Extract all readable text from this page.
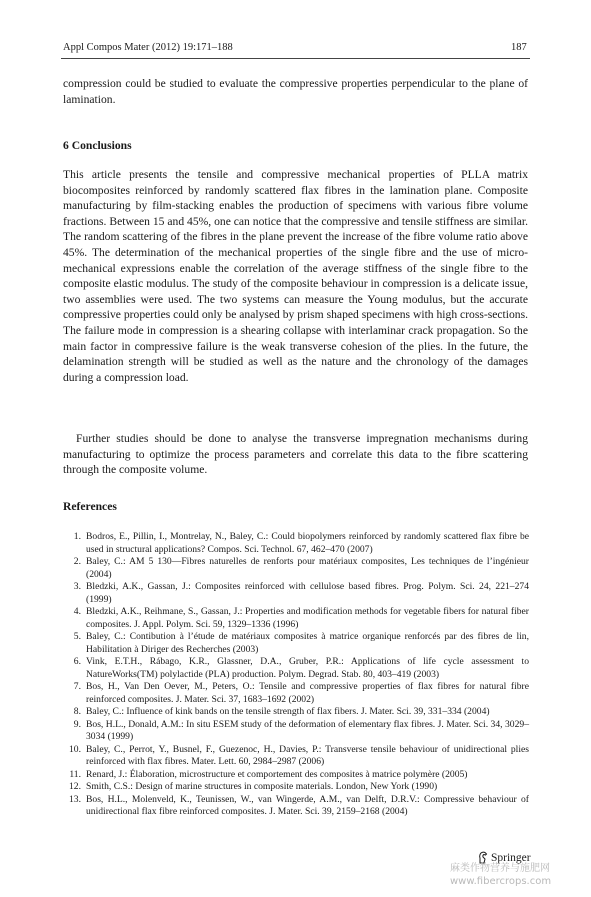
Appl Compos Mater (2012) 19:171–188	187

compression could be studied to evaluate the compressive properties perpendicular to the plane of lamination.

6 Conclusions

This article presents the tensile and compressive mechanical properties of PLLA matrix biocomposites reinforced by randomly scattered flax fibres in the lamination plane. Composite manufacturing by film-stacking enables the production of specimens with various fibre volume fractions. Between 15 and 45%, one can notice that the compressive and tensile stiffness are similar. The random scattering of the fibres in the plane prevent the increase of the fibre volume ratio above 45%. The determination of the mechanical properties of the single fibre and the use of micro-mechanical expressions enable the correlation of the average stiffness of the single fibre to the composite elastic modulus. The study of the composite behaviour in compression is a delicate issue, two assemblies were used. The two systems can measure the Young modulus, but the accurate compressive properties could only be analysed by prism shaped specimens with high cross-sections. The failure mode in compression is a shearing collapse with interlaminar crack propagation. So the main factor in compressive failure is the weak transverse cohesion of the plies. In the future, the delamination strength will be studied as well as the nature and the chronology of the damages during a compression load.

Further studies should be done to analyse the transverse impregnation mechanisms during manufacturing to optimize the process parameters and correlate this data to the fibre scattering through the composite volume.

References
1. Bodros, E., Pillin, I., Montrelay, N., Baley, C.: Could biopolymers reinforced by randomly scattered flax fibre be used in structural applications? Compos. Sci. Technol. 67, 462–470 (2007)
2. Baley, C.: AM 5 130—Fibres naturelles de renforts pour matériaux composites, Les techniques de l’ingénieur (2004)
3. Bledzki, A.K., Gassan, J.: Composites reinforced with cellulose based fibres. Prog. Polym. Sci. 24, 221–274 (1999)
4. Bledzki, A.K., Reihmane, S., Gassan, J.: Properties and modification methods for vegetable fibers for natural fiber composites. J. Appl. Polym. Sci. 59, 1329–1336 (1996)
5. Baley, C.: Contibution à l’étude de matériaux composites à matrice organique renforcés par des fibres de lin, Habilitation à Diriger des Recherches (2003)
6. Vink, E.T.H., Rábago, K.R., Glassner, D.A., Gruber, P.R.: Applications of life cycle assessment to NatureWorks(TM) polylactide (PLA) production. Polym. Degrad. Stab. 80, 403–419 (2003)
7. Bos, H., Van Den Oever, M., Peters, O.: Tensile and compressive properties of flax fibres for natural fibre reinforced composites. J. Mater. Sci. 37, 1683–1692 (2002)
8. Baley, C.: Influence of kink bands on the tensile strength of flax fibers. J. Mater. Sci. 39, 331–334 (2004)
9. Bos, H.L., Donald, A.M.: In situ ESEM study of the deformation of elementary flax fibres. J. Mater. Sci. 34, 3029–3034 (1999)
10. Baley, C., Perrot, Y., Busnel, F., Guezenoc, H., Davies, P.: Transverse tensile behaviour of unidirectional plies reinforced with flax fibres. Mater. Lett. 60, 2984–2987 (2006)
11. Renard, J.: Élaboration, microstructure et comportement des composites à matrice polymère (2005)
12. Smith, C.S.: Design of marine structures in composite materials. London, New York (1990)
13. Bos, H.L., Molenveld, K., Teunissen, W., van Wingerde, A.M., van Delft, D.R.V.: Compressive behaviour of unidirectional flax fibre reinforced composites. J. Mater. Sci. 39, 2159–2168 (2004)
Springer
麻类作物营养与施肥网
www.fibercrops.com
